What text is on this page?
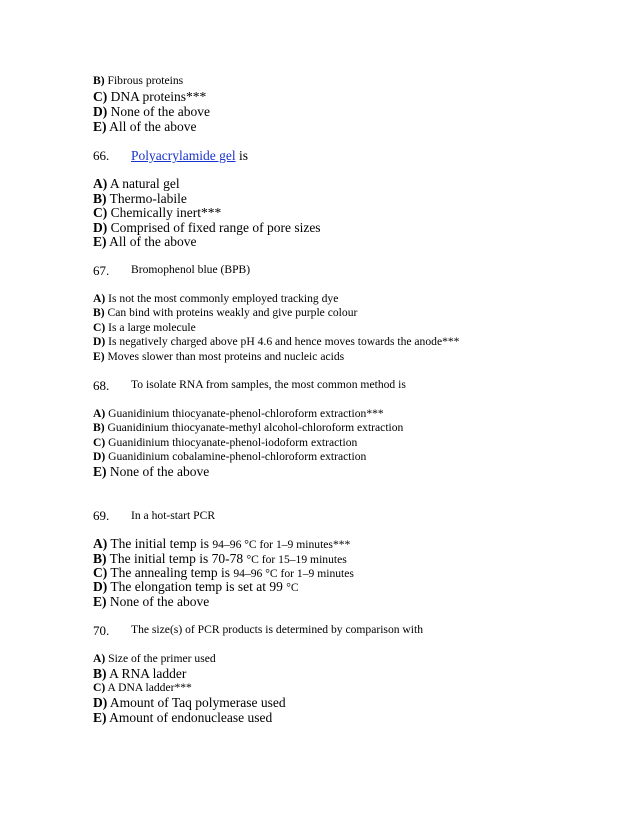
B) Fibrous proteins
C) DNA proteins***
D) None of the above
E) All of the above
66. Polyacrylamide gel is
A) A natural gel
B) Thermo-labile
C) Chemically inert***
D) Comprised of fixed range of pore sizes
E) All of the above
67. Bromophenol blue (BPB)
A) Is not the most commonly employed tracking dye
B) Can bind with proteins weakly and give purple colour
C) Is a large molecule
D) Is negatively charged above pH 4.6 and hence moves towards the anode***
E) Moves slower than most proteins and nucleic acids
68. To isolate RNA from samples, the most common method is
A) Guanidinium thiocyanate-phenol-chloroform extraction***
B) Guanidinium thiocyanate-methyl alcohol-chloroform extraction
C) Guanidinium thiocyanate-phenol-iodoform extraction
D) Guanidinium cobalamine-phenol-chloroform extraction
E) None of the above
69. In a hot-start PCR
A) The initial temp is 94–96 °C for 1–9 minutes***
B) The initial temp is 70-78 °C for 15–19 minutes
C) The annealing temp is 94–96 °C for 1–9 minutes
D) The elongation temp is set at 99 °C
E) None of the above
70. The size(s) of PCR products is determined by comparison with
A) Size of the primer used
B) A RNA ladder
C) A DNA ladder***
D) Amount of Taq polymerase used
E) Amount of endonuclease used
